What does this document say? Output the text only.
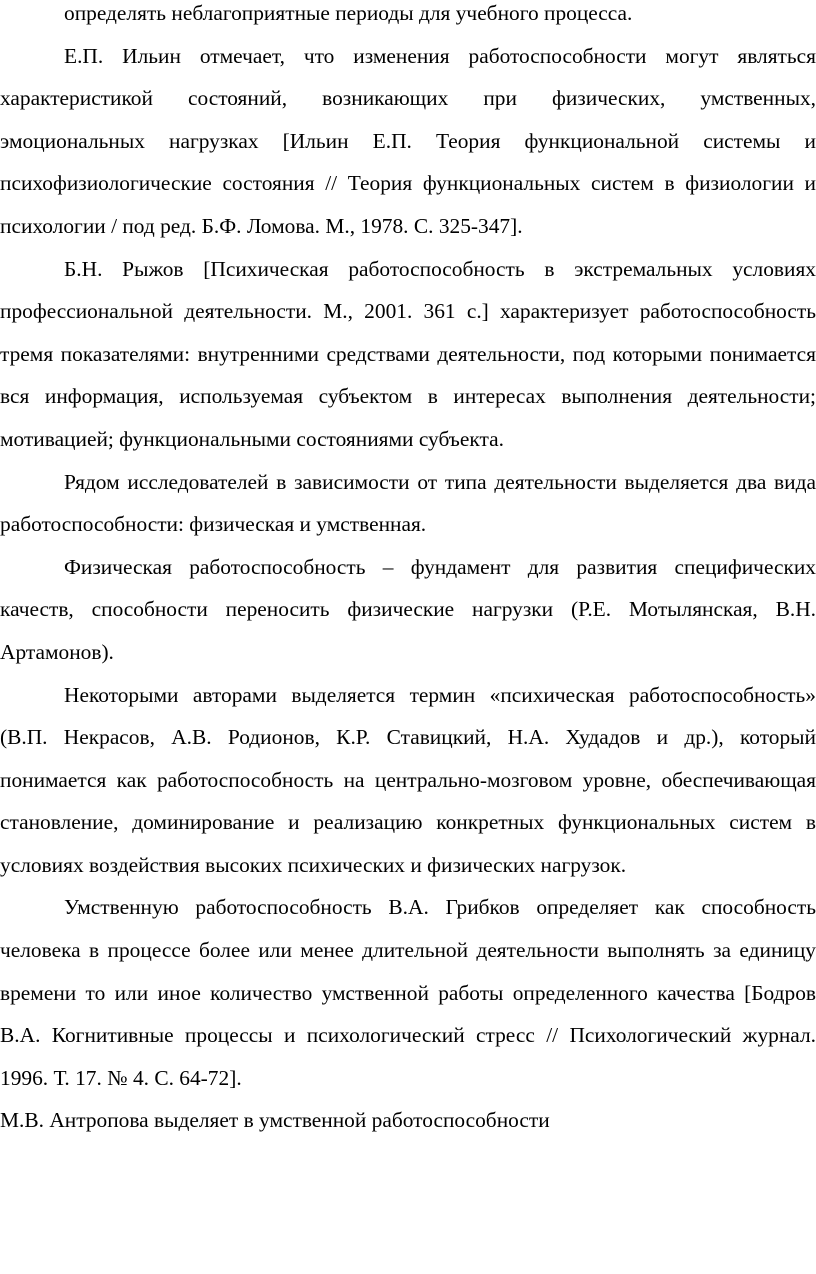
определять неблагоприятные периоды для учебного процесса.

Е.П. Ильин отмечает, что изменения работоспособности могут являться характеристикой состояний, возникающих при физических, умственных, эмоциональных нагрузках [Ильин Е.П. Теория функциональной системы и психофизиологические состояния // Теория функциональных систем в физиологии и психологии / под ред. Б.Ф. Ломова. М., 1978. С. 325-347].

Б.Н. Рыжов [Психическая работоспособность в экстремальных условиях профессиональной деятельности. М., 2001. 361 с.] характеризует работоспособность тремя показателями: внутренними средствами деятельности, под которыми понимается вся информация, используемая субъектом в интересах выполнения деятельности; мотивацией; функциональными состояниями субъекта.

Рядом исследователей в зависимости от типа деятельности выделяется два вида работоспособности: физическая и умственная.

Физическая работоспособность – фундамент для развития специфических качеств, способности переносить физические нагрузки (Р.Е. Мотылянская, В.Н. Артамонов).

Некоторыми авторами выделяется термин «психическая работоспособность» (В.П. Некрасов, А.В. Родионов, К.Р. Ставицкий, Н.А. Худадов и др.), который понимается как работоспособность на центрально-мозговом уровне, обеспечивающая становление, доминирование и реализацию конкретных функциональных систем в условиях воздействия высоких психических и физических нагрузок.

Умственную работоспособность В.А. Грибков определяет как способность человека в процессе более или менее длительной деятельности выполнять за единицу времени то или иное количество умственной работы определенного качества [Бодров В.А. Когнитивные процессы и психологический стресс // Психологический журнал. 1996. Т. 17. № 4. С. 64-72].

М.В. Антропова выделяет в умственной работоспособности
